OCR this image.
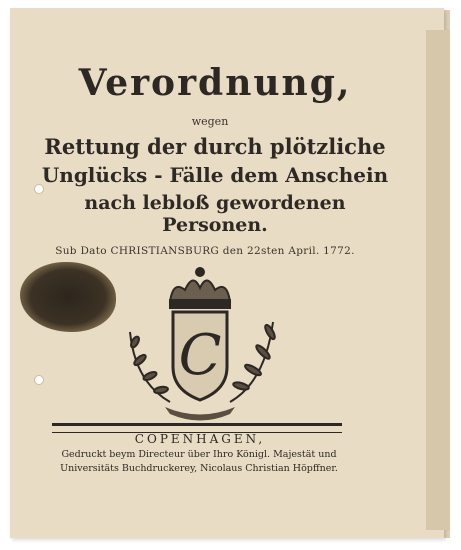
Verordnung,
wegen
Rettung der durch plötzliche
Unglücks - Fälle dem Anschein
nach lebloß gewordenen Personen.
Sub Dato CHRISTIANSBURG den 22sten April. 1772.
C
COPENHAGEN,
Gedruckt beym Directeur über Ihro Königl. Majestät und
Universitäts Buchdruckerey, Nicolaus Christian Höpffner.
